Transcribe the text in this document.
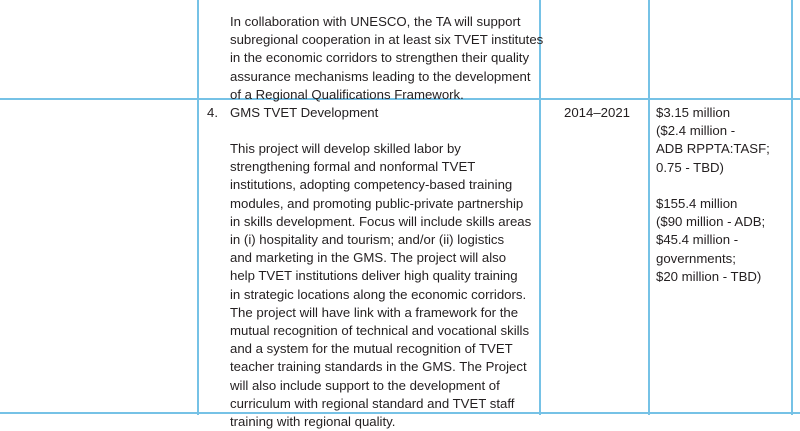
In collaboration with UNESCO, the TA will support
subregional cooperation in at least six TVET institutes
in the economic corridors to strengthen their quality
assurance mechanisms leading to the development
of a Regional Qualifications Framework.
4. GMS TVET Development
This project will develop skilled labor by
strengthening formal and nonformal TVET
institutions, adopting competency-based training
modules, and promoting public-private partnership
in skills development. Focus will include skills areas
in (i) hospitality and tourism; and/or (ii) logistics
and marketing in the GMS. The project will also
help TVET institutions deliver high quality training
in strategic locations along the economic corridors.
The project will have link with a framework for the
mutual recognition of technical and vocational skills
and a system for the mutual recognition of TVET
teacher training standards in the GMS. The Project
will also include support to the development of
curriculum with regional standard and TVET staff
training with regional quality.
2014–2021 $3.15 million
($2.4 million -
ADB RPPTA:TASF;
0.75 - TBD)
$155.4 million
($90 million - ADB;
$45.4 million -
governments;
$20 million - TBD)
